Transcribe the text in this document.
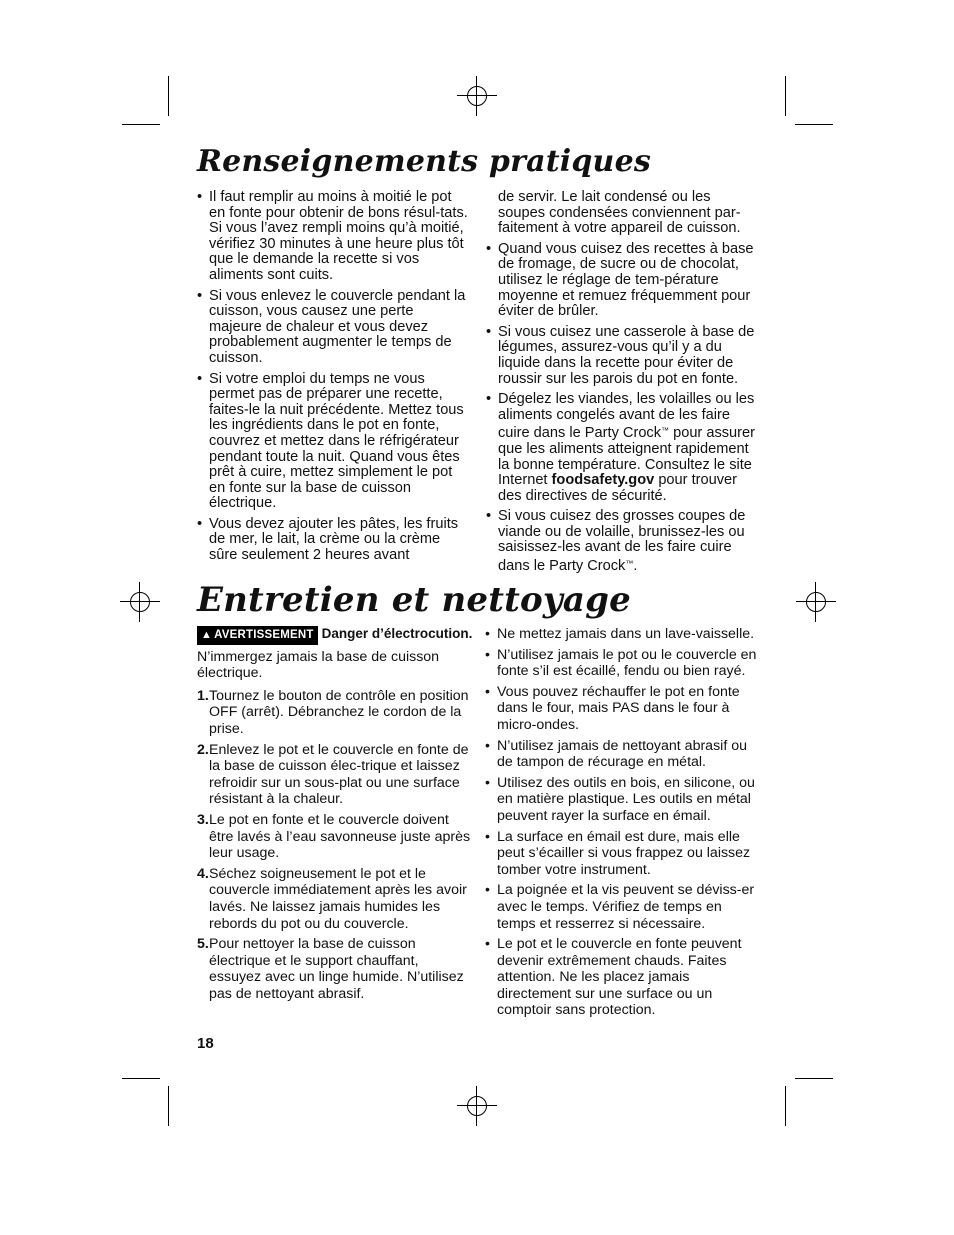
Renseignements pratiques
• Il faut remplir au moins à moitié le pot en fonte pour obtenir de bons résul-tats. Si vous l’avez rempli moins qu’à moitié, vérifiez 30 minutes à une heure plus tôt que le demande la recette si vos aliments sont cuits.
• Si vous enlevez le couvercle pendant la cuisson, vous causez une perte majeure de chaleur et vous devez probablement augmenter le temps de cuisson.
• Si votre emploi du temps ne vous permet pas de préparer une recette, faites-le la nuit précédente. Mettez tous les ingrédients dans le pot en fonte, couvrez et mettez dans le réfrigérateur pendant toute la nuit. Quand vous êtes prêt à cuire, mettez simplement le pot en fonte sur la base de cuisson électrique.
• Vous devez ajouter les pâtes, les fruits de mer, le lait, la crème ou la crème sûre seulement 2 heures avant

de servir. Le lait condensé ou les soupes condensées conviennent par-faitement à votre appareil de cuisson.

• Quand vous cuisez des recettes à base de fromage, de sucre ou de chocolat, utilisez le réglage de tem-pérature moyenne et remuez fréquemment pour éviter de brûler.
• Si vous cuisez une casserole à base de légumes, assurez-vous qu’il y a du liquide dans la recette pour éviter de roussir sur les parois du pot en fonte.
• Dégelez les viandes, les volailles ou les aliments congelés avant de les faire cuire dans le Party Crock™ pour assurer que les aliments atteignent rapidement la bonne température. Consultez le site Internet foodsafety.gov pour trouver des directives de sécurité.
• Si vous cuisez des grosses coupes de viande ou de volaille, brunissez-les ou saisissez-les avant de les faire cuire dans le Party Crock™.
Entretien et nettoyage
▲ AVERTISSEMENT Danger d’électrocution.
N’immergez jamais la base de cuisson électrique.
1. Tournez le bouton de contrôle en position OFF (arrêt). Débranchez le cordon de la prise.
2. Enlevez le pot et le couvercle en fonte de la base de cuisson élec-trique et laissez refroidir sur un sous-plat ou une surface résistant à la chaleur.
3. Le pot en fonte et le couvercle doivent être lavés à l’eau savonneuse juste après leur usage.
4. Séchez soigneusement le pot et le couvercle immédiatement après les avoir lavés. Ne laissez jamais humides les rebords du pot ou du couvercle.
5. Pour nettoyer la base de cuisson électrique et le support chauffant, essuyez avec un linge humide. N’utilisez pas de nettoyant abrasif.
• Ne mettez jamais dans un lave-vaisselle.
• N’utilisez jamais le pot ou le couvercle en fonte s’il est écaillé, fendu ou bien rayé.
• Vous pouvez réchauffer le pot en fonte dans le four, mais PAS dans le four à micro-ondes.
• N’utilisez jamais de nettoyant abrasif ou de tampon de récurage en métal.
• Utilisez des outils en bois, en silicone, ou en matière plastique. Les outils en métal peuvent rayer la surface en émail.
• La surface en émail est dure, mais elle peut s’écailler si vous frappez ou laissez tomber votre instrument.
• La poignée et la vis peuvent se déviss-er avec le temps. Vérifiez de temps en temps et resserrez si nécessaire.
• Le pot et le couvercle en fonte peuvent devenir extrêmement chauds. Faites attention. Ne les placez jamais directement sur une surface ou un comptoir sans protection.
18
